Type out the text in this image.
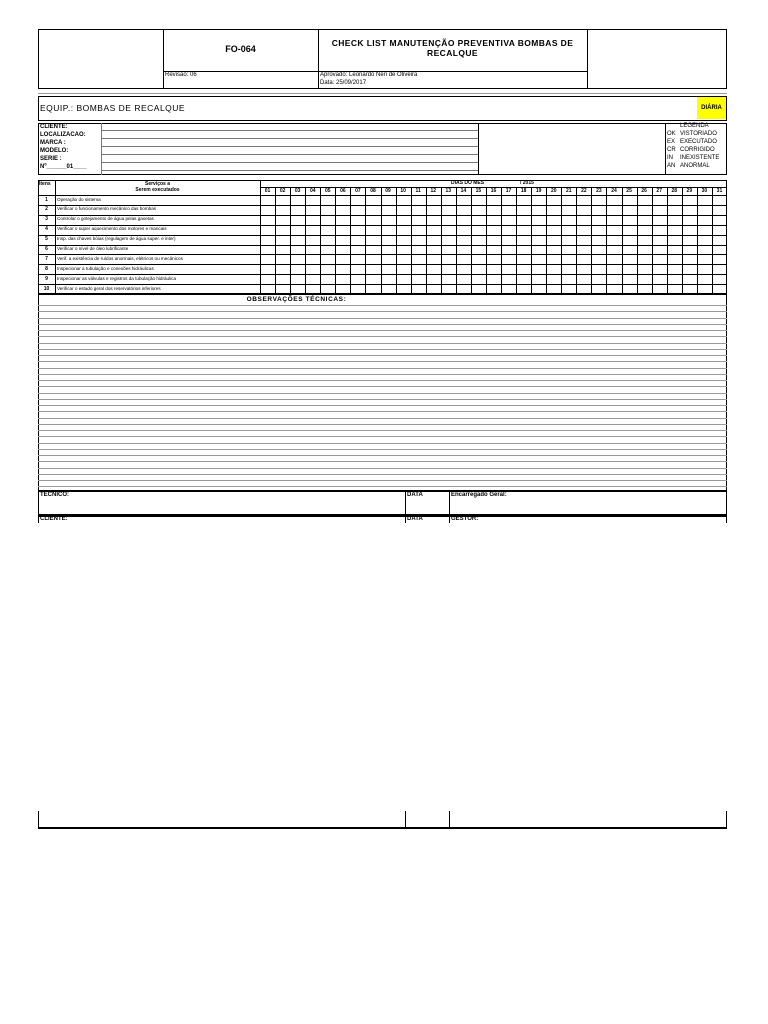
FO-064
CHECK LIST MANUTENÇÃO PREVENTIVA BOMBAS DE
RECALQUE
Revisão: 06	Aprovado: Leonardo Neri de Oliveira
Data: 25/09/2017
EQUIP.: BOMBAS DE RECALQUE	DIÁRIA
CLIENTE:
LOCALIZACAO:
MARCA :
MODELO:
SERIE :
Nº______01____
LEGENDA
OK VISTORIADO
EX EXECUTADO
CR CORRIGIDO
IN INEXISTENTE
AN ANORMAL
Itens	Serviços a
Serem executados
DIAS DO MES	/ 2015
01	02	03	04	05	06	07	08	09	10	11	12	13	14	15	16	17	18	19	20	21	22	23	24	25	26	27	28	29	30	31
1	Operação do sistema
2	Verificar o funcionamento mecânico das bombas
3	Controlar o gotejamento de água pelas gaxetas
4	Verificar o super aquecimento dos motores e mancais
5	Insp. das chaves bóias (regulagem de água super. e inter)
6	Verificar o nível de óleo lubrificante
7	Verif. a existência de ruídos anormais, elétricos ou mecânicos
8	Inspecionar a tubulação e conexões hidráulicas
9	Inspecionar as válvulas e registros da tubulação hidráulica
10	Verificar o estado geral dos reservatórios inferiores
OBSERVAÇÕES TÉCNICAS:
TECNICO:	DATA	Encarregado Geral:
CLIENTE:	DATA	GESTOR:
